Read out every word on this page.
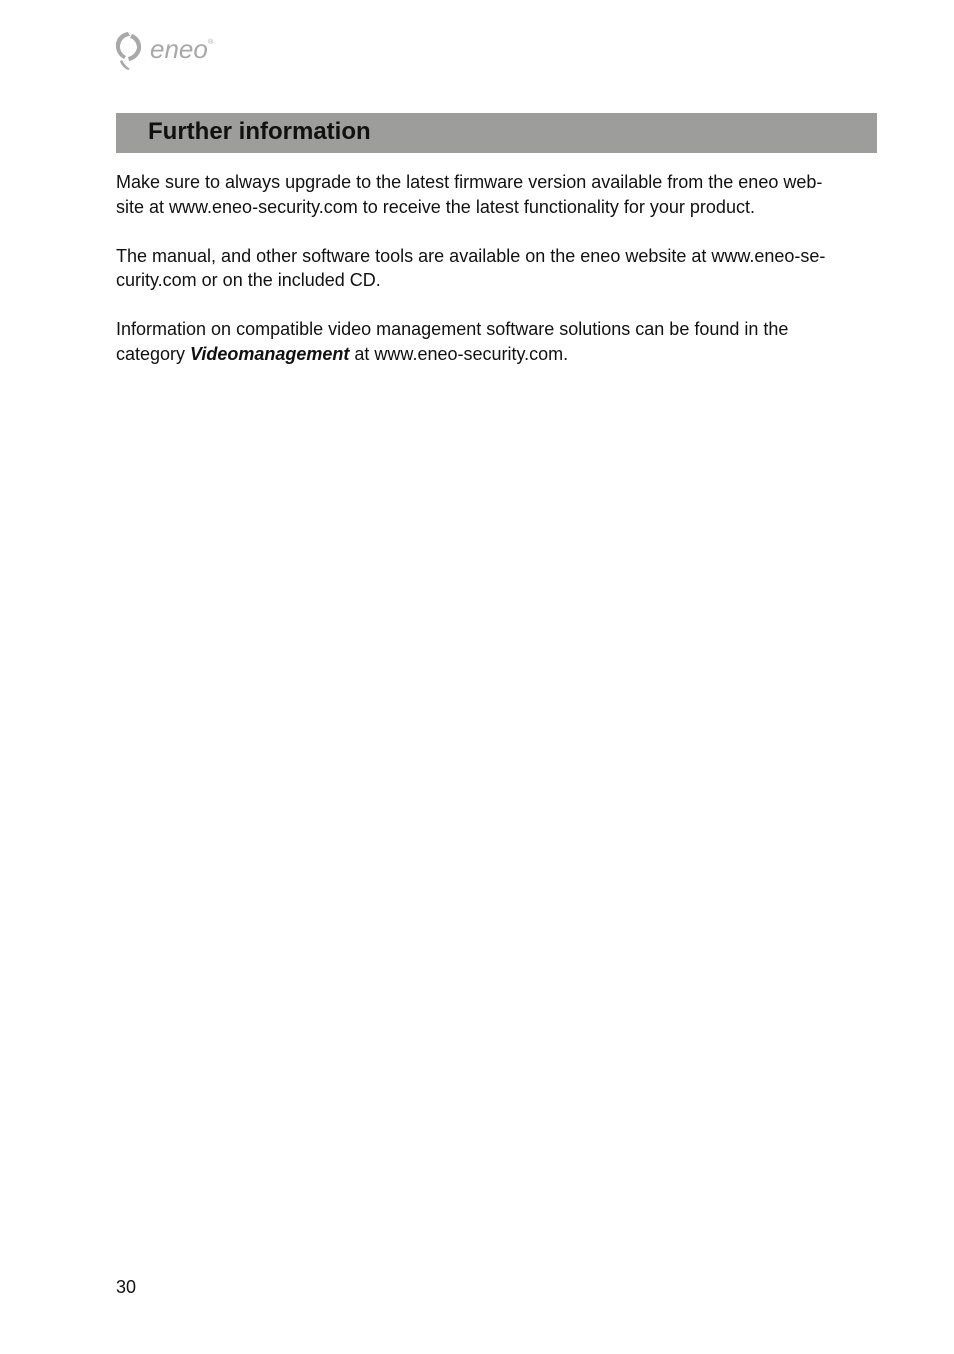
eneo ®
Further information

Make sure to always upgrade to the latest firmware version available from the eneo web-
site at www.eneo-security.com to receive the latest functionality for your product.

The manual, and other software tools are available on the eneo website at www.eneo-se-
curity.com or on the included CD.

Information on compatible video management software solutions can be found in the
category Videomanagement at www.eneo-security.com.

30
